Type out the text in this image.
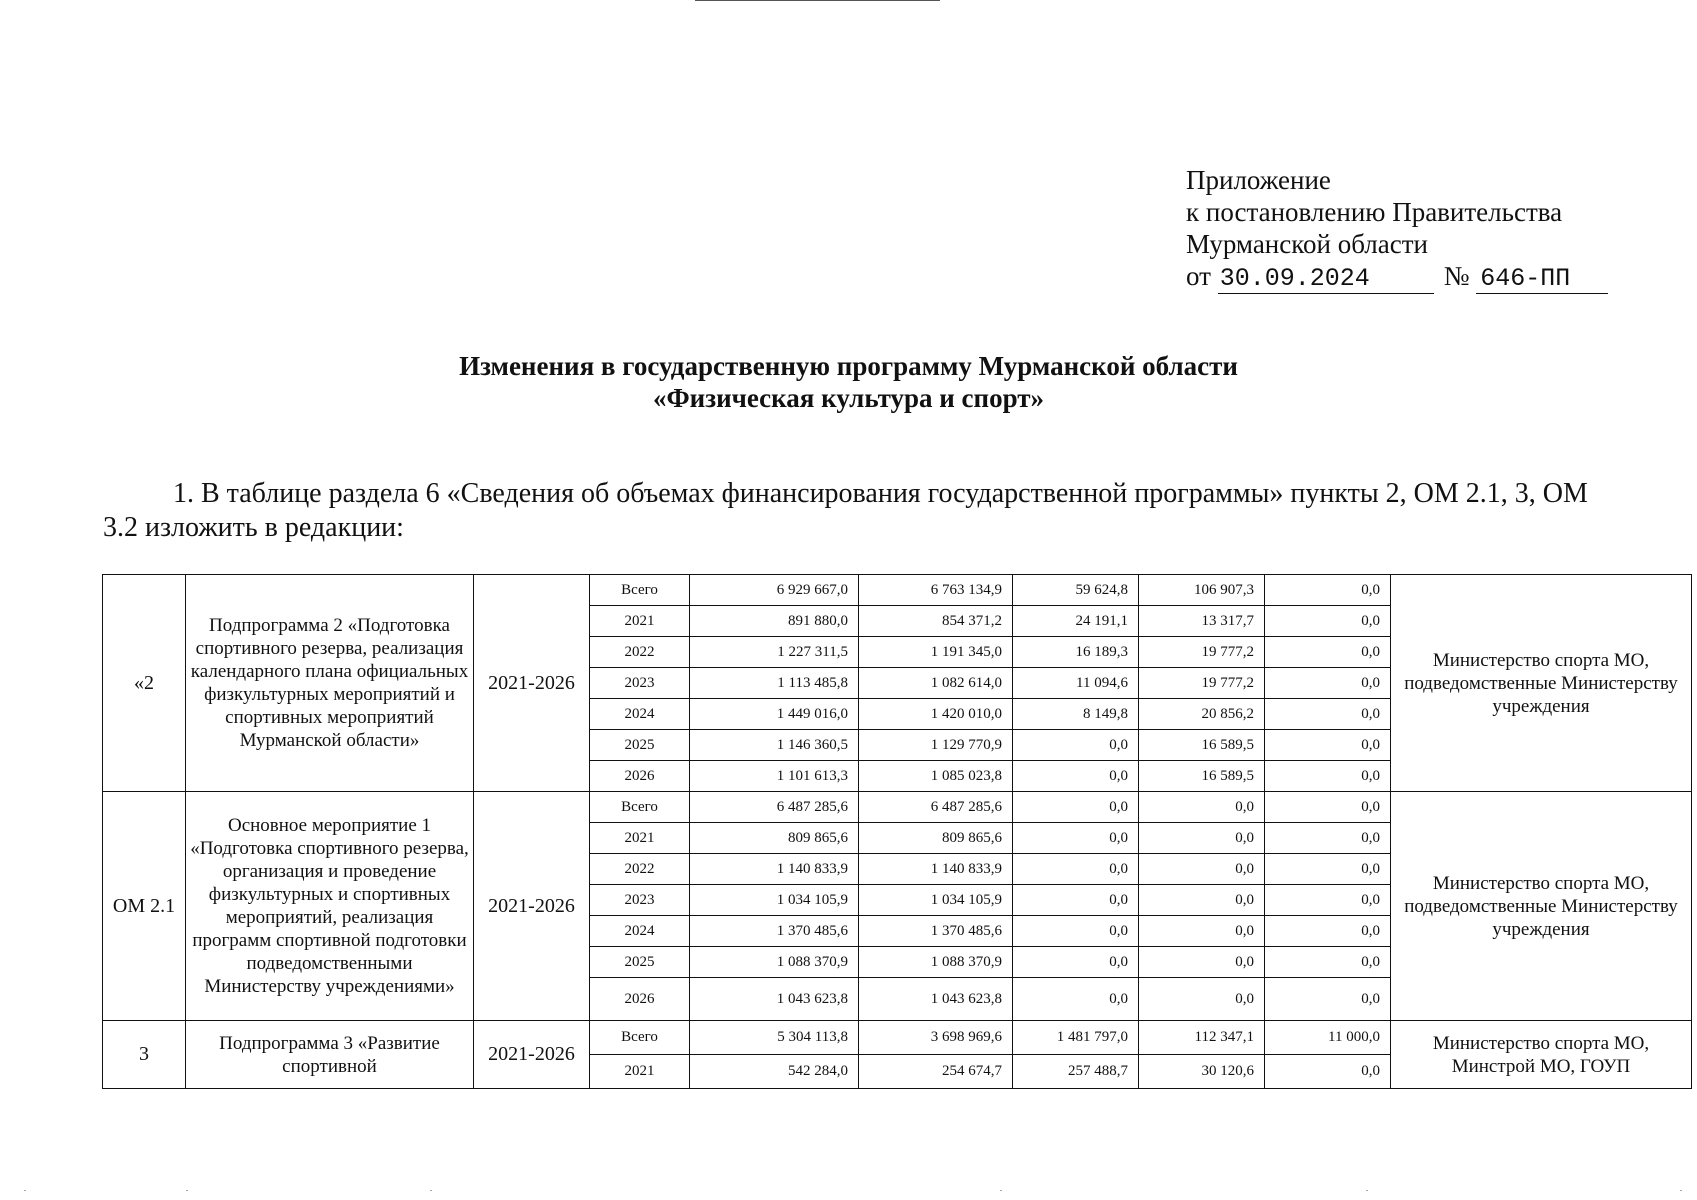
Приложение
к постановлению Правительства
Мурманской области
от 30.09.2024	№ 646-ПП
Изменения в государственную программу Мурманской области
«Физическая культура и спорт»
1. В таблице раздела 6 «Сведения об объемах финансирования государственной программы» пункты 2, ОМ 2.1, 3, ОМ
3.2 изложить в редакции:
«2	Подпрограмма 2 «Подготовка спортивного резерва, реализация календарного плана официальных физкультурных мероприятий и спортивных мероприятий Мурманской области»	2021-2026	Всего	6 929 667,0	6 763 134,9	59 624,8	106 907,3	0,0	Министерство спорта МО, подведомственные Министерству учреждения
			2021	891 880,0	854 371,2	24 191,1	13 317,7	0,0	
			2022	1 227 311,5	1 191 345,0	16 189,3	19 777,2	0,0	
			2023	1 113 485,8	1 082 614,0	11 094,6	19 777,2	0,0	
			2024	1 449 016,0	1 420 010,0	8 149,8	20 856,2	0,0	
			2025	1 146 360,5	1 129 770,9	0,0	16 589,5	0,0	
			2026	1 101 613,3	1 085 023,8	0,0	16 589,5	0,0	
ОМ 2.1	Основное мероприятие 1 «Подготовка спортивного резерва, организация и проведение физкультурных и спортивных мероприятий, реализация программ спортивной подготовки подведомственными Министерству учреждениями»	2021-2026	Всего	6 487 285,6	6 487 285,6	0,0	0,0	0,0	Министерство спорта МО, подведомственные Министерству учреждения
			2021	809 865,6	809 865,6	0,0	0,0	0,0	
			2022	1 140 833,9	1 140 833,9	0,0	0,0	0,0	
			2023	1 034 105,9	1 034 105,9	0,0	0,0	0,0	
			2024	1 370 485,6	1 370 485,6	0,0	0,0	0,0	
			2025	1 088 370,9	1 088 370,9	0,0	0,0	0,0	
			2026	1 043 623,8	1 043 623,8	0,0	0,0	0,0	
3	Подпрограмма 3 «Развитие спортивной	2021-2026	Всего	5 304 113,8	3 698 969,6	1 481 797,0	112 347,1	11 000,0	Министерство спорта МО, Минстрой МО, ГОУП
			2021	542 284,0	254 674,7	257 488,7	30 120,6	0,0	
